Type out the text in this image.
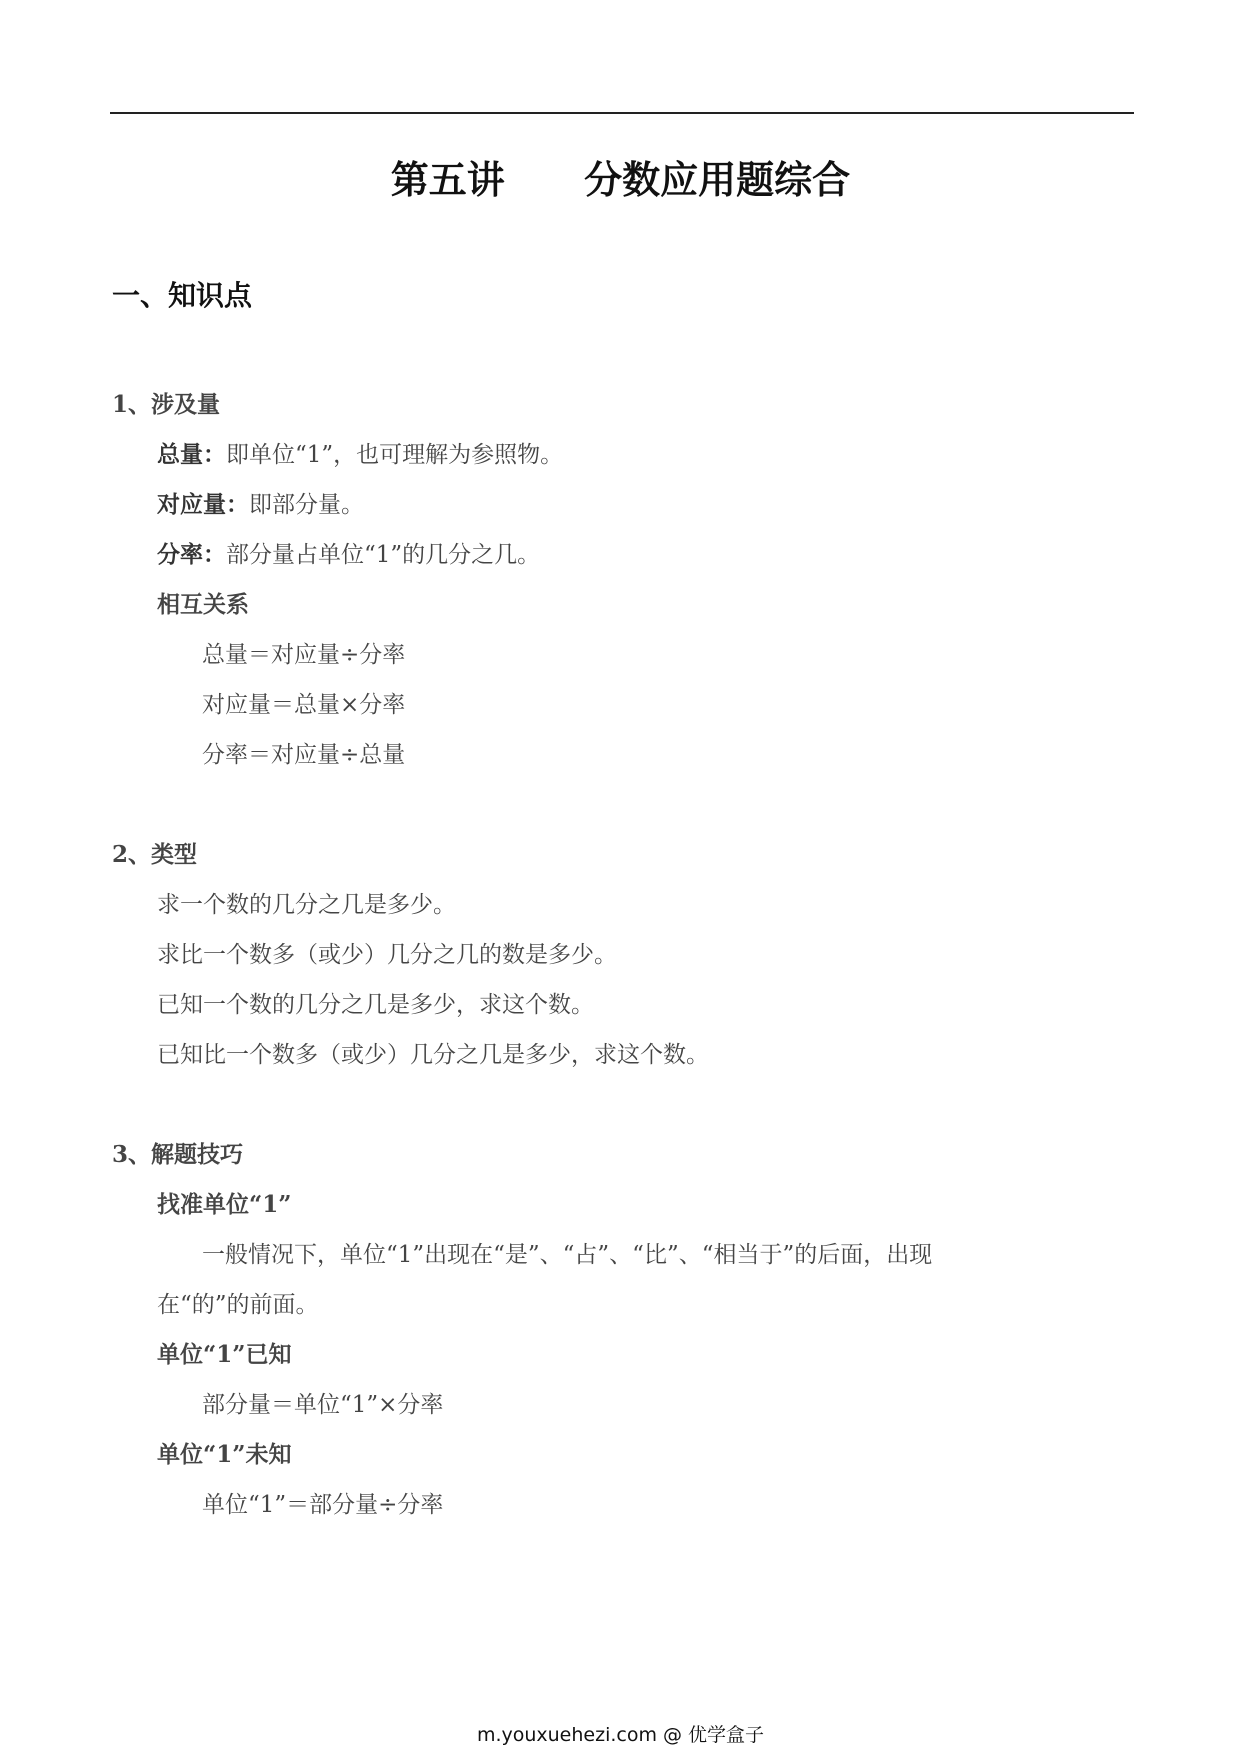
第五讲      分数应用题综合
一、知识点
1、涉及量
总量：即单位“1”，也可理解为参照物。
对应量：即部分量。
分率：部分量占单位“1”的几分之几。
相互关系
总量＝对应量÷分率
对应量＝总量×分率
分率＝对应量÷总量
2、类型
求一个数的几分之几是多少。
求比一个数多（或少）几分之几的数是多少。
已知一个数的几分之几是多少，求这个数。
已知比一个数多（或少）几分之几是多少，求这个数。
3、解题技巧
找准单位“1”
一般情况下，单位“1”出现在“是”、“占”、“比”、“相当于”的后面，出现
在“的”的前面。
单位“1”已知
部分量＝单位“1”×分率
单位“1”未知
单位“1”＝部分量÷分率
m.youxuehezi.com @ 优学盒子
